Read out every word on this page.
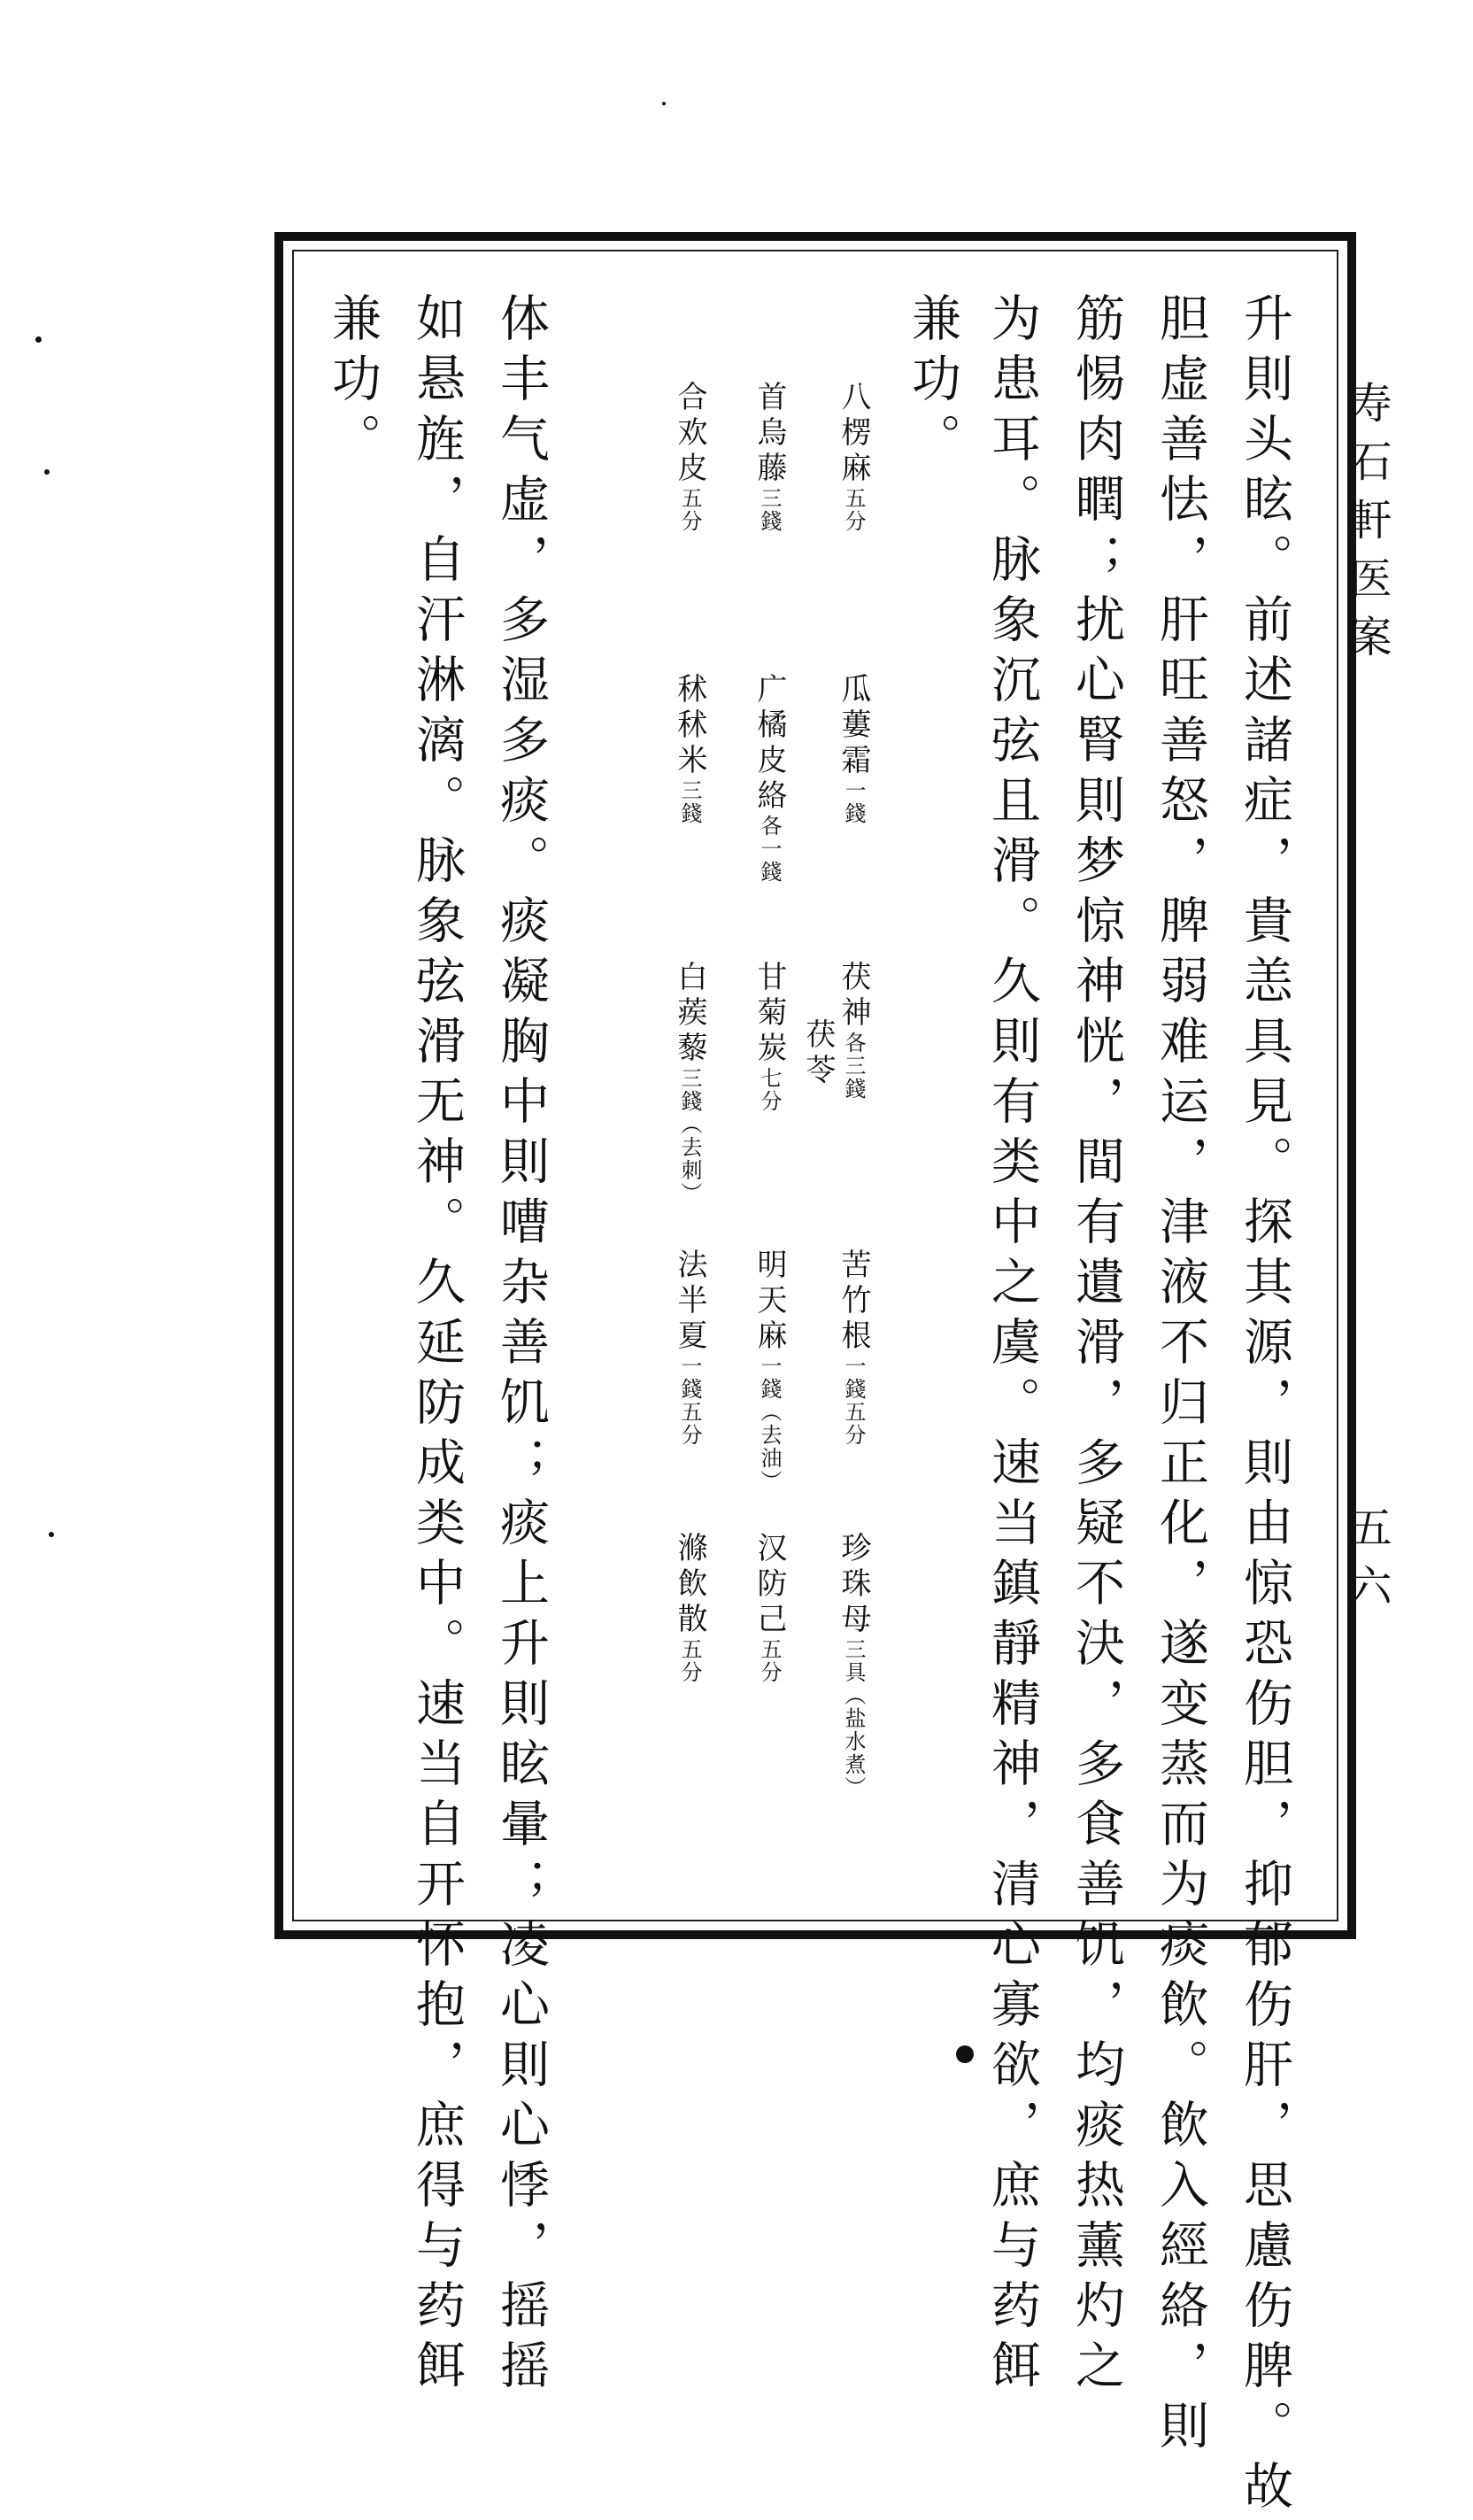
寿石軒医案
五六
升則头眩。前述諸症，貴恙具見。探其源，則由惊恐伤胆，抑郁伤肝，思慮伤脾。故
胆虚善怯，肝旺善怒，脾弱难运，津液不归正化，遂变蒸而为痰飲。飲入經絡，則
筋惕肉瞤；扰心腎則梦惊神恍，間有遺滑，多疑不決，多食善饥，均痰热薰灼之
为患耳。脉象沉弦且滑。久則有类中之虞。速当鎮靜精神，清心寡欲，庶与药餌
兼功。
八楞麻五分
瓜蔞霜一錢
茯神各三錢
苦竹根一錢五分
珍珠母三具（盐水煮）
首烏藤三錢
广橘皮絡各一錢
茯苓
甘菊炭七分
明天麻一錢（去油）
汉防己五分
合欢皮五分
秫秫米三錢
白蒺藜三錢（去刺）
法半夏一錢五分
滌飲散五分
体丰气虚，多湿多痰。痰凝胸中則嘈杂善饥；痰上升則眩暈；凌心則心悸，摇摇
如悬旌，自汗淋漓。脉象弦滑无神。久延防成类中。速当自开怀抱，庶得与药餌
兼功。
